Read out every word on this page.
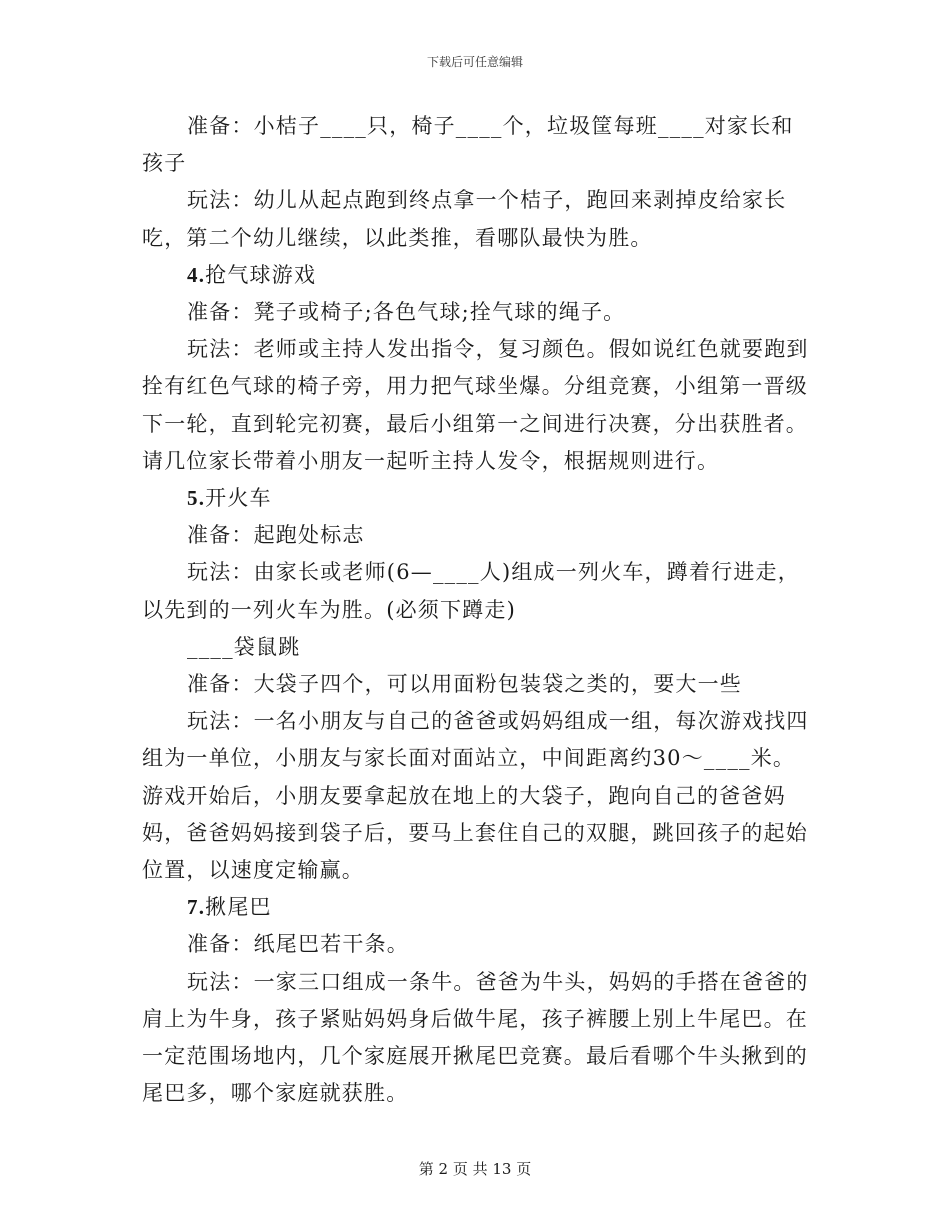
下载后可任意编辑

准备：小桔子____只，椅子____个，垃圾筐每班____对家长和孩子

玩法：幼儿从起点跑到终点拿一个桔子，跑回来剥掉皮给家长吃，第二个幼儿继续，以此类推，看哪队最快为胜。

4.抢气球游戏

准备：凳子或椅子;各色气球;拴气球的绳子。

玩法：老师或主持人发出指令，复习颜色。假如说红色就要跑到拴有红色气球的椅子旁，用力把气球坐爆。分组竞赛，小组第一晋级下一轮，直到轮完初赛，最后小组第一之间进行决赛，分出获胜者。请几位家长带着小朋友一起听主持人发令，根据规则进行。

5.开火车

准备：起跑处标志

玩法：由家长或老师(6—____人)组成一列火车，蹲着行进走，以先到的一列火车为胜。(必须下蹲走)

____袋鼠跳

准备：大袋子四个，可以用面粉包装袋之类的，要大一些

玩法：一名小朋友与自己的爸爸或妈妈组成一组，每次游戏找四组为一单位，小朋友与家长面对面站立，中间距离约30～____米。游戏开始后，小朋友要拿起放在地上的大袋子，跑向自己的爸爸妈妈，爸爸妈妈接到袋子后，要马上套住自己的双腿，跳回孩子的起始位置，以速度定输赢。

7.揪尾巴

准备：纸尾巴若干条。

玩法：一家三口组成一条牛。爸爸为牛头，妈妈的手搭在爸爸的肩上为牛身，孩子紧贴妈妈身后做牛尾，孩子裤腰上别上牛尾巴。在一定范围场地内，几个家庭展开揪尾巴竞赛。最后看哪个牛头揪到的尾巴多，哪个家庭就获胜。

第 2 页 共 13 页
